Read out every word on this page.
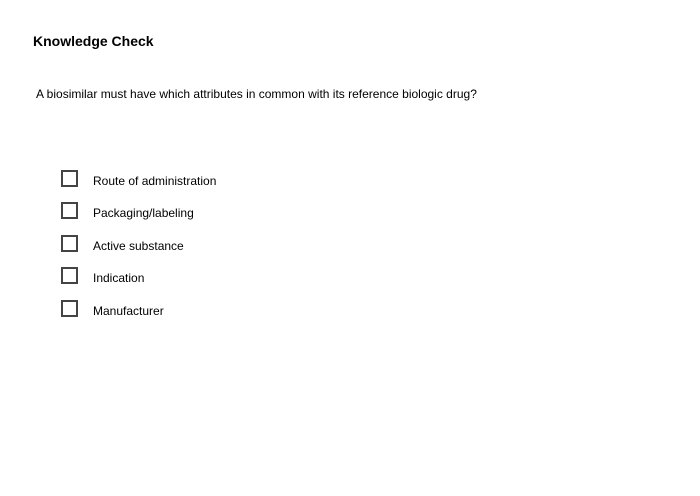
Knowledge Check
A biosimilar must have which attributes in common with its reference biologic drug?
Route of administration
Packaging/labeling
Active substance
Indication
Manufacturer
